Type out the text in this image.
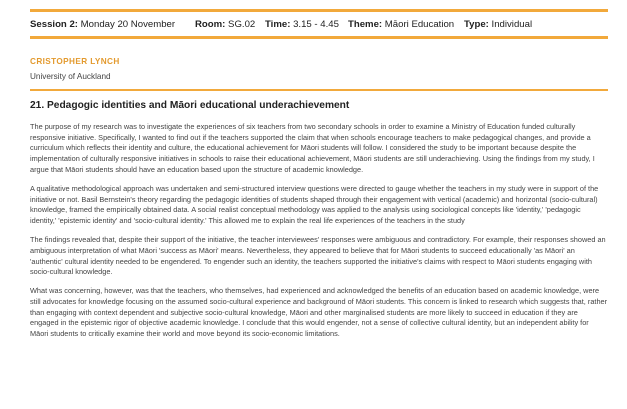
Session 2: Monday 20 November	Room: SG.02	Time: 3.15 - 4.45 Theme: Māori Education	Type: Individual
CRISTOPHER LYNCH
University of Auckland
21. Pedagogic identities and Māori educational underachievement

The purpose of my research was to investigate the experiences of six teachers from two secondary schools in order to examine a Ministry of Education funded culturally responsive initiative. Specifically, I wanted to find out if the teachers supported the claim that when schools encourage teachers to make pedagogical changes, and provide a curriculum which reflects their identity and culture, the educational achievement for Māori students will follow. I considered the study to be important because despite the implementation of culturally responsive initiatives in schools to raise their educational achievement, Māori students are still underachieving. Using the findings from my study, I argue that Māori students should have an education based upon the structure of academic knowledge.

A qualitative methodological approach was undertaken and semi-structured interview questions were directed to gauge whether the teachers in my study were in support of the initiative or not. Basil Bernstein's theory regarding the pedagogic identities of students shaped through their engagement with vertical (academic) and horizontal (socio-cultural) knowledge, framed the empirically obtained data. A social realist conceptual methodology was applied to the analysis using sociological concepts like 'identity,' 'pedagogic identity,' 'epistemic identity' and 'socio-cultural identity.' This allowed me to explain the real life experiences of the teachers in the study

The findings revealed that, despite their support of the initiative, the teacher interviewees' responses were ambiguous and contradictory. For example, their responses showed an ambiguous interpretation of what Māori 'success as Māori' means. Nevertheless, they appeared to believe that for Māori students to succeed educationally 'as Māori' an 'authentic' cultural identity needed to be engendered. To engender such an identity, the teachers supported the initiative's claims with respect to Māori students engaging with socio-cultural knowledge.

What was concerning, however, was that the teachers, who themselves, had experienced and acknowledged the benefits of an education based on academic knowledge, were still advocates for knowledge focusing on the assumed socio-cultural experience and background of Māori students. This concern is linked to research which suggests that, rather than engaging with context dependent and subjective socio-cultural knowledge, Māori and other marginalised students are more likely to succeed in education if they are engaged in the epistemic rigor of objective academic knowledge. I conclude that this would engender, not a sense of collective cultural identity, but an independent ability for Māori students to critically examine their world and move beyond its socio-economic limitations.
